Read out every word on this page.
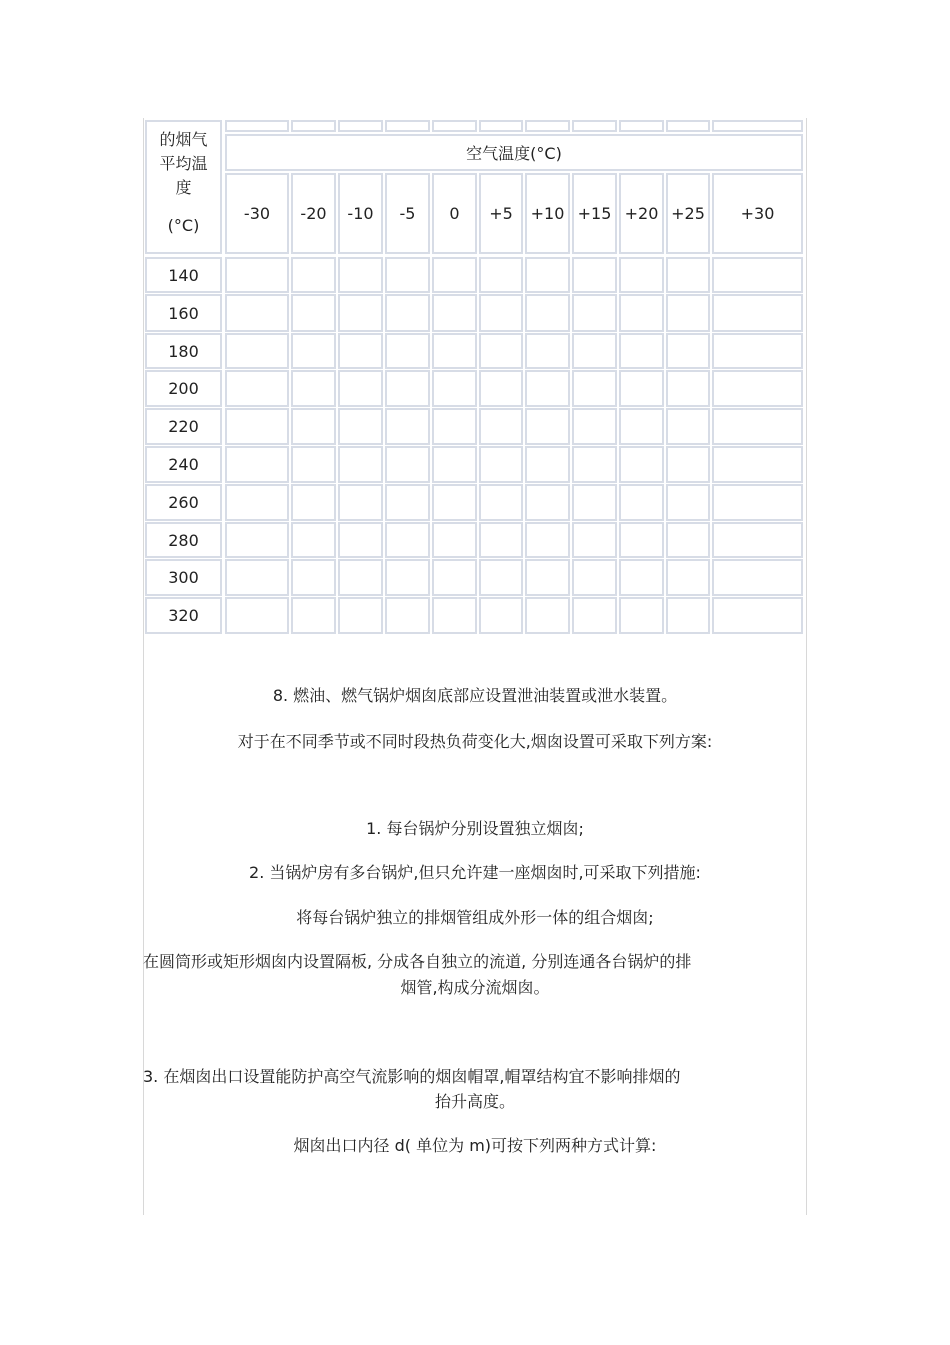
的烟气
平均温
度
(°C)
空气温度(°C)
-30	-20	-10	-5	0	+5	+10 +15 +20 +25	+30
140
160
180
200
220
240
260
280
300
320
8. 燃油、燃气锅炉烟囱底部应设置泄油装置或泄水装置。
对于在不同季节或不同时段热负荷变化大,烟囱设置可采取下列方案:
1. 每台锅炉分别设置独立烟囱;
2. 当锅炉房有多台锅炉,但只允许建一座烟囱时,可采取下列措施:
将每台锅炉独立的排烟管组成外形一体的组合烟囱;
在圆筒形或矩形烟囱内设置隔板, 分成各自独立的流道, 分别连通各台锅炉的排
烟管,构成分流烟囱。
3. 在烟囱出口设置能防护高空气流影响的烟囱帽罩,帽罩结构宜不影响排烟的
抬升高度。
烟囱出口内径 d( 单位为 m)可按下列两种方式计算:
